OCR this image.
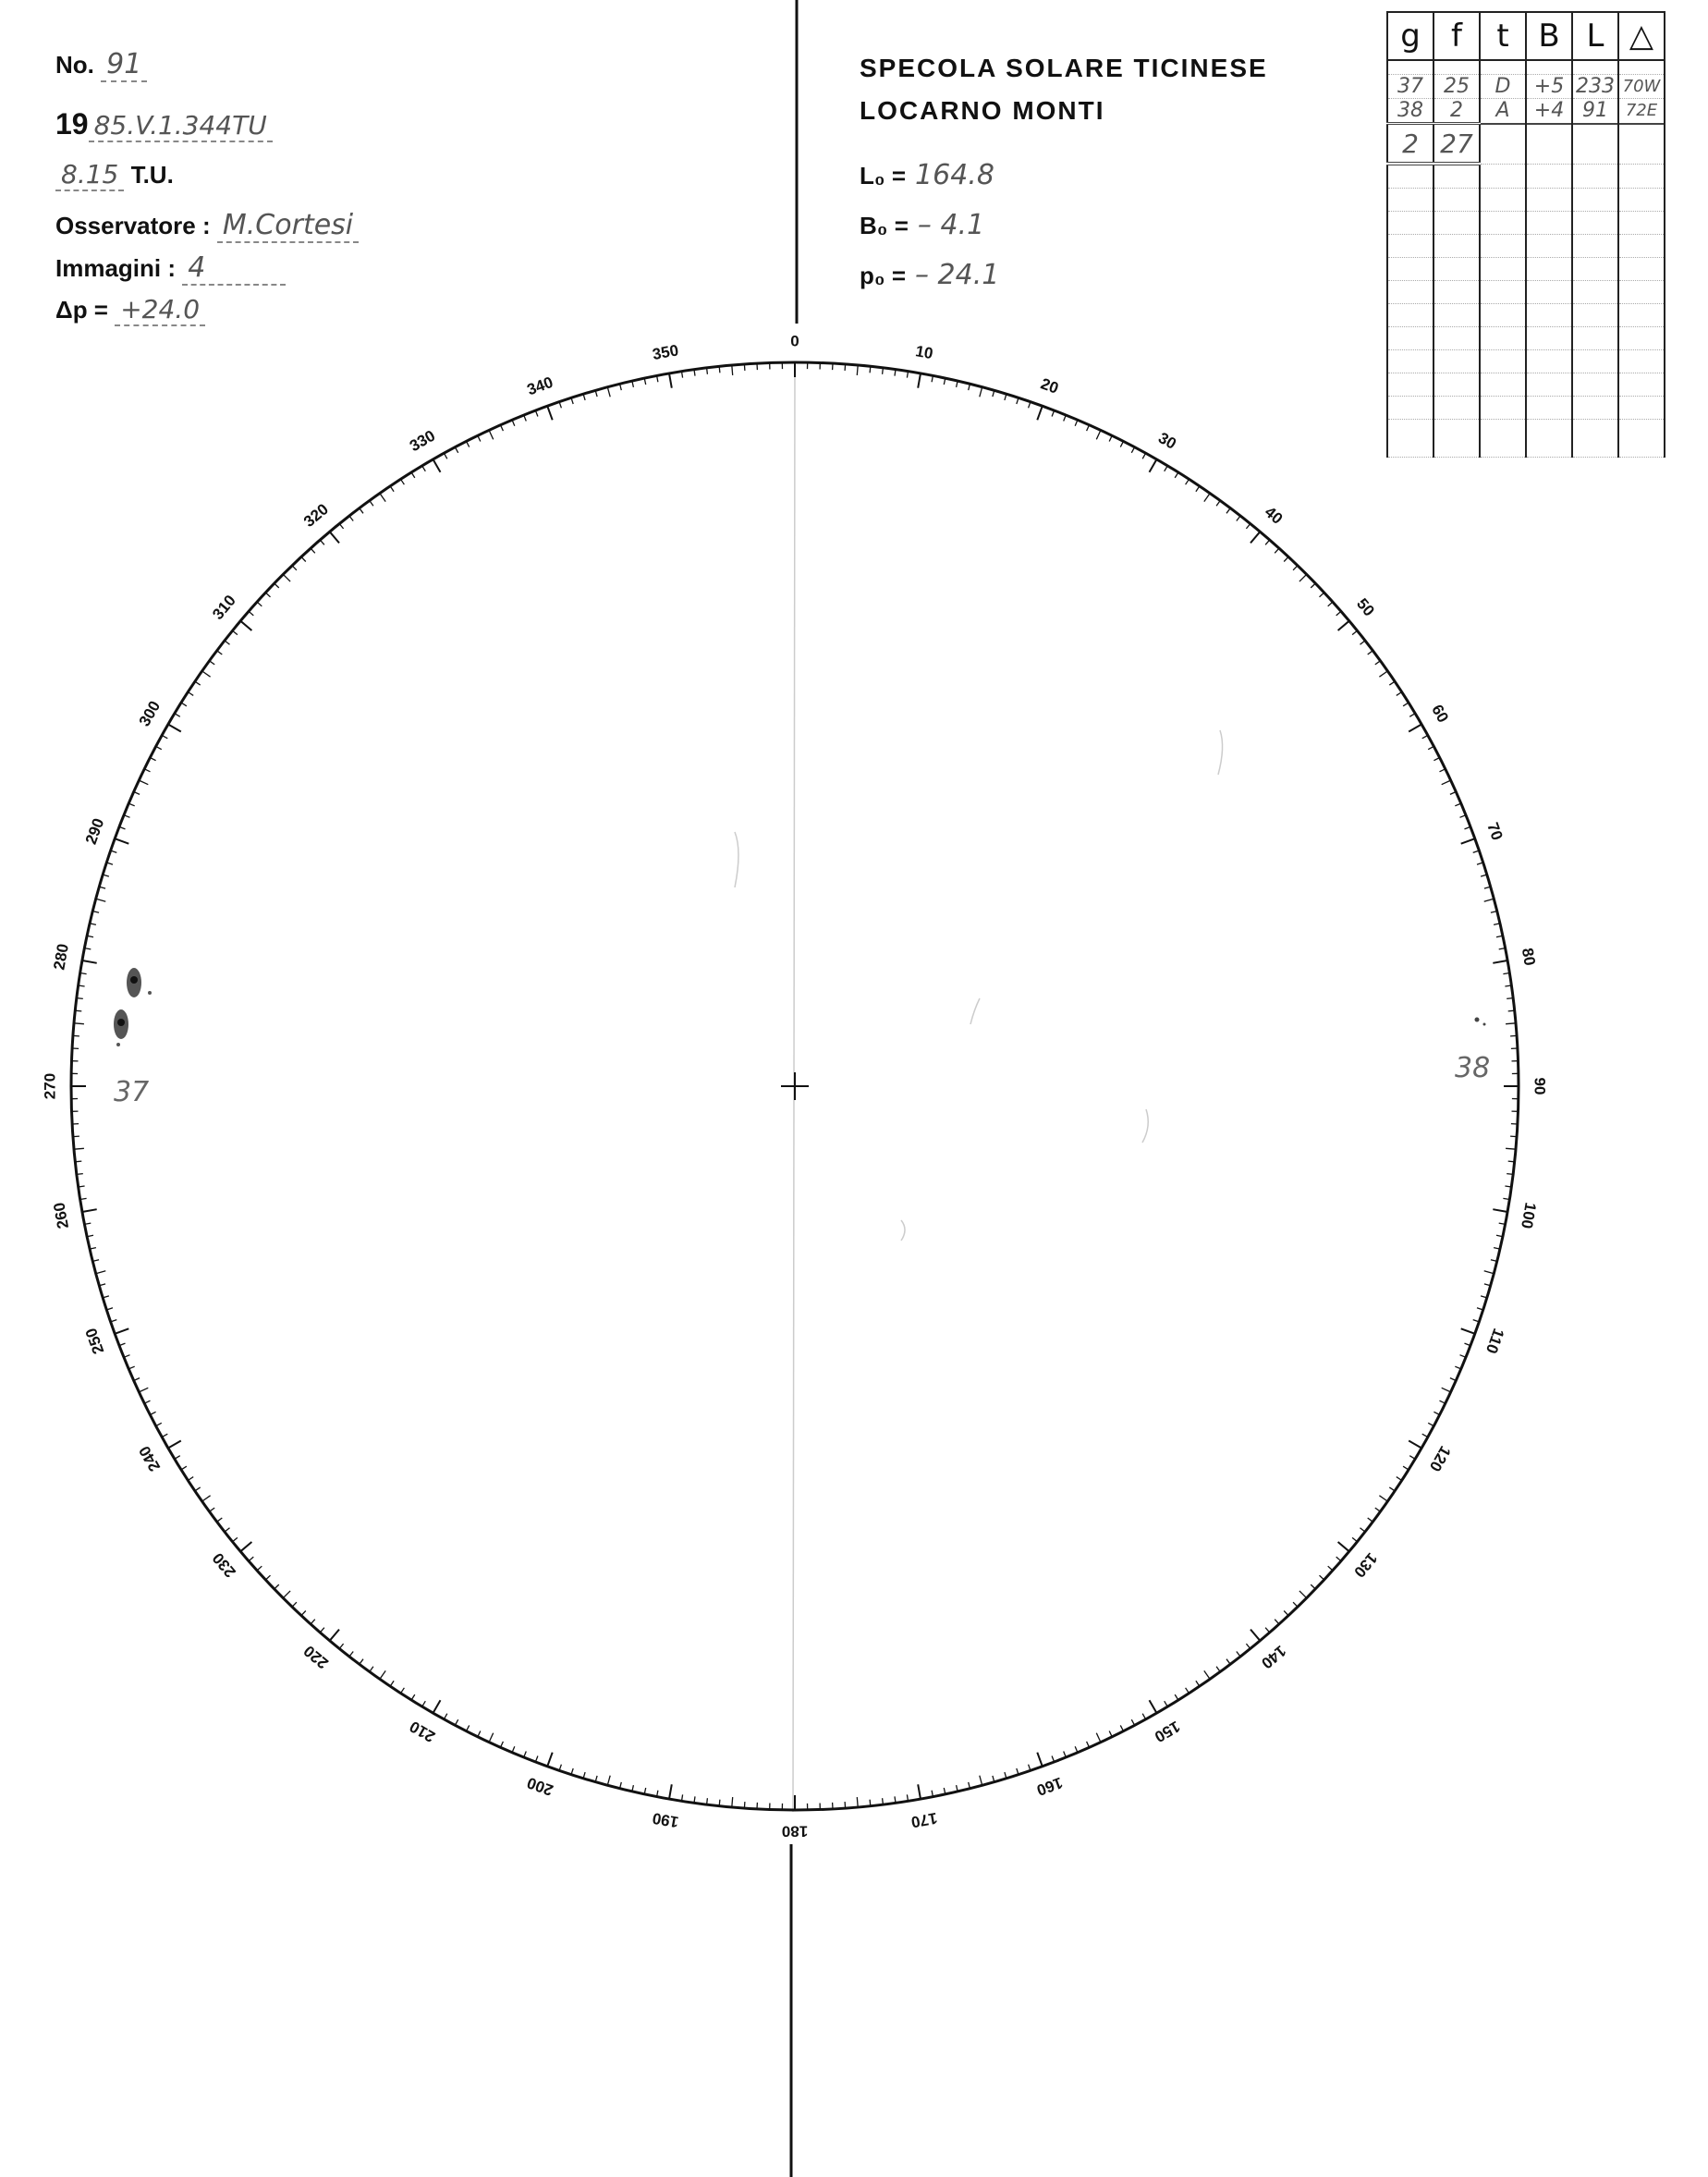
No. 91
19 85.V.1.344TU
8.15 T.U.
Osservatore : M.Cortesi
Immagini : 4
Δp = +24.0
SPECOLA SOLARE TICINESE
LOCARNO MONTI
L₀ = 164.8
B₀ = – 4.1
p₀ = – 24.1
0
10
20
30
40
50
60
70
80
90
100
110
120
130
140
150
160
170
180
190
200
210
220
230
240
250
260
270
280
290
300
310
320
330
340
350
37
38
g	f	t	B	L	△

37	25	D	+5	233	70W
38	2	A	+4	91	72E
2	27				
